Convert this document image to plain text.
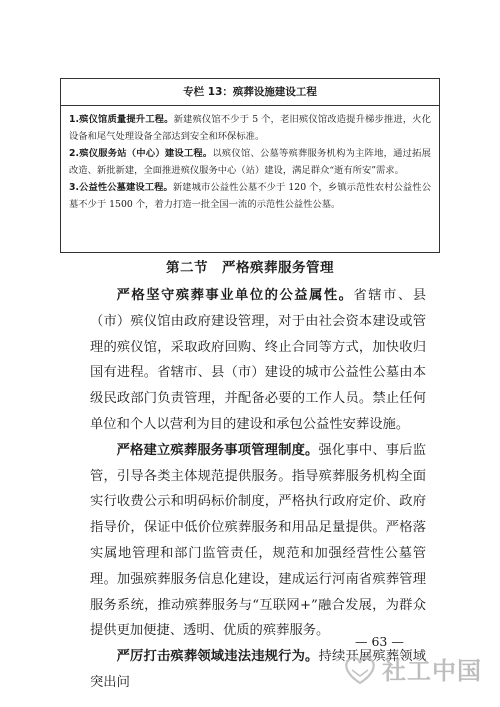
专栏 13：殡葬设施建设工程

1.殡仪馆质量提升工程。新建殡仪馆不少于 5 个，老旧殡仪馆改造提升梯步推进，火化设备和尾气处理设备全部达到安全和环保标准。

2.殡仪服务站（中心）建设工程。以殡仪馆、公墓等殡葬服务机构为主阵地，通过拓展改造、新批新建，全面推进殡仪服务中心（站）建设，满足群众“逝有所安”需求。

3.公益性公墓建设工程。新建城市公益性公墓不少于 120 个，乡镇示范性农村公益性公墓不少于 1500 个，着力打造一批全国一流的示范性公益性公墓。

第二节 严格殡葬服务管理

严格坚守殡葬事业单位的公益属性。省辖市、县（市）殡仪馆由政府建设管理，对于由社会资本建设或管理的殡仪馆，采取政府回购、终止合同等方式，加快收归国有进程。省辖市、县（市）建设的城市公益性公墓由本级民政部门负责管理，并配备必要的工作人员。禁止任何单位和个人以营利为目的建设和承包公益性安葬设施。

严格建立殡葬服务事项管理制度。强化事中、事后监管，引导各类主体规范提供服务。指导殡葬服务机构全面实行收费公示和明码标价制度，严格执行政府定价、政府指导价，保证中低价位殡葬服务和用品足量提供。严格落实属地管理和部门监管责任，规范和加强经营性公墓管理。加强殡葬服务信息化建设，建成运行河南省殡葬管理服务系统，推动殡葬服务与“互联网+”融合发展，为群众提供更加便捷、透明、优质的殡葬服务。

严厉打击殡葬领域违法违规行为。持续开展殡葬领域突出问

— 63 —
社工中国
